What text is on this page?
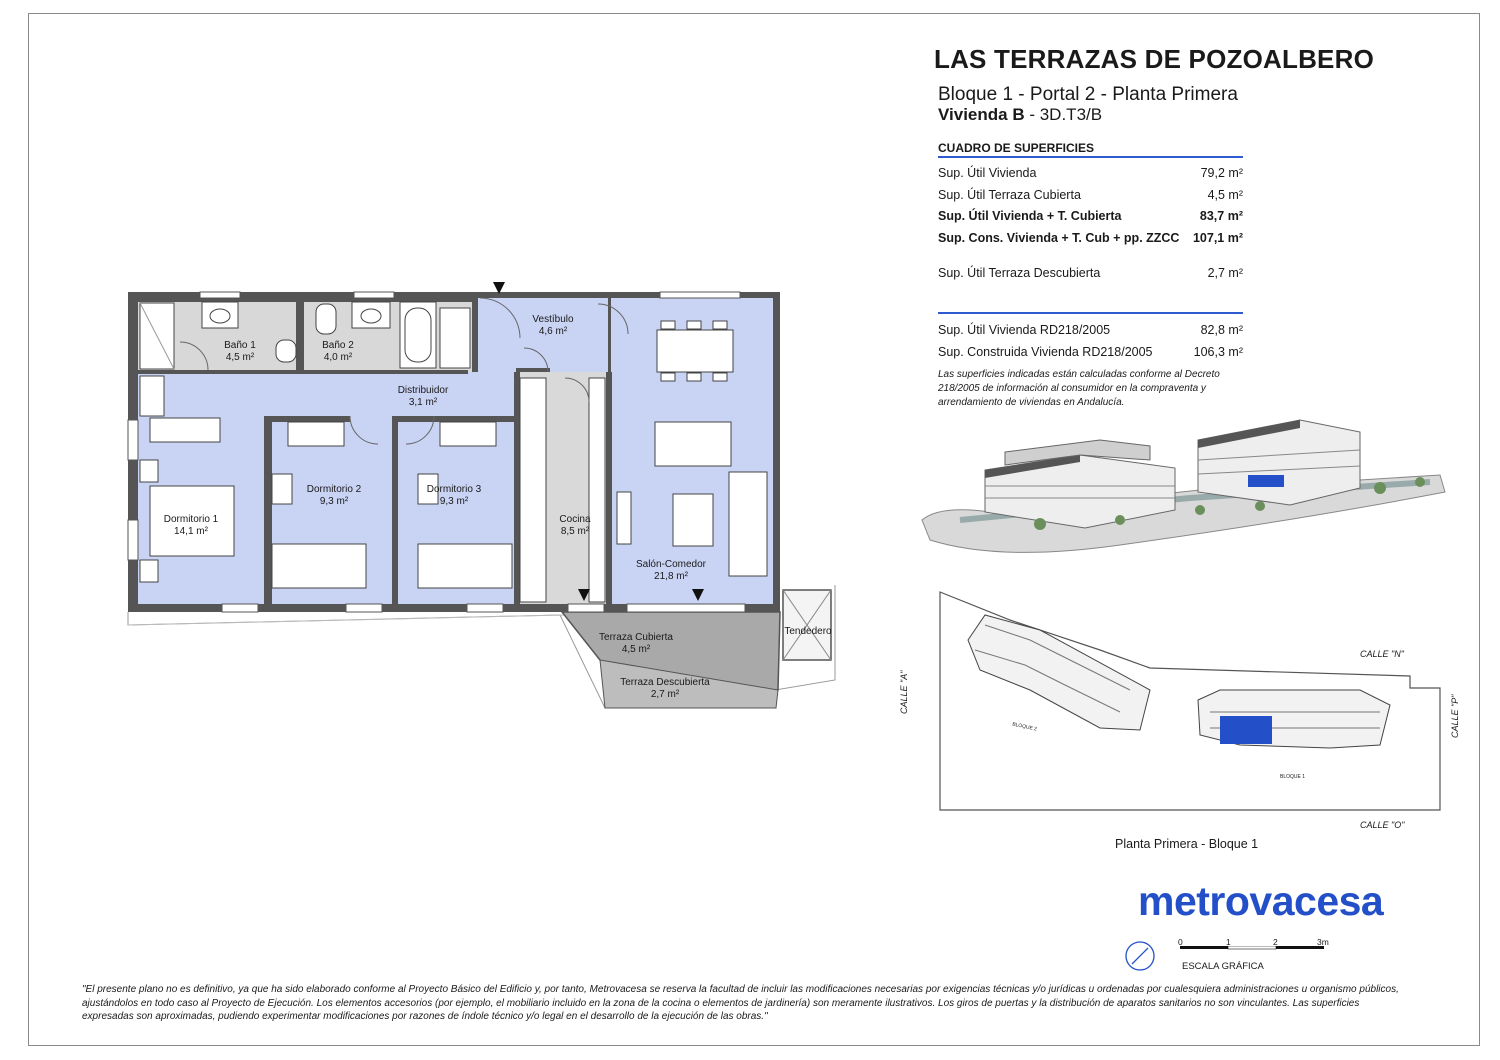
LAS TERRAZAS DE POZOALBERO
Bloque 1 - Portal 2 - Planta Primera
Vivienda B - 3D.T3/B
CUADRO DE SUPERFICIES
Sup. Útil Vivienda	79,2 m²
Sup. Útil Terraza Cubierta	4,5 m²
Sup. Útil Vivienda + T. Cubierta	83,7 m²
Sup. Cons. Vivienda + T. Cub + pp. ZZCC 107,1 m²
Sup. Útil Terraza Descubierta	2,7 m²
Sup. Útil Vivienda RD218/2005	82,8 m²
Sup. Construida Vivienda RD218/2005	106,3 m²
Las superficies indicadas están calculadas conforme al Decreto 218/2005 de información al consumidor en la compraventa y arrendamiento de viviendas en Andalucía.
Baño 1
4,5 m²
Baño 2
4,0 m²
Vestíbulo
4,6 m²
Distribuidor
3,1 m²
Dormitorio 1
14,1 m²
Dormitorio 2
9,3 m²
Dormitorio 3
9,3 m²
Cocina
8,5 m²
Salón-Comedor
21,8 m²
Terraza Cubierta
4,5 m²
Terraza Descubierta
2,7 m²
Tendedero
CALLE "N"
CALLE "A"
CALLE "P"
CALLE "O"
BLOQUE 2
BLOQUE 1
Planta Primera - Bloque 1
metrovacesa
0	1	2	3m
ESCALA GRÁFICA
"El presente plano no es definitivo, ya que ha sido elaborado conforme al Proyecto Básico del Edificio y, por tanto, Metrovacesa se reserva la facultad de incluir las modificaciones necesarias por exigencias técnicas y/o jurídicas u ordenadas por cualesquiera administraciones u organismo públicos, ajustándolos en todo caso al Proyecto de Ejecución. Los elementos accesorios (por ejemplo, el mobiliario incluido en la zona de la cocina o elementos de jardinería) son meramente ilustrativos. Los giros de puertas y la distribución de aparatos sanitarios no son vinculantes. Las superficies expresadas son aproximadas, pudiendo experimentar modificaciones por razones de índole técnico y/o legal en el desarrollo de la ejecución de las obras."
